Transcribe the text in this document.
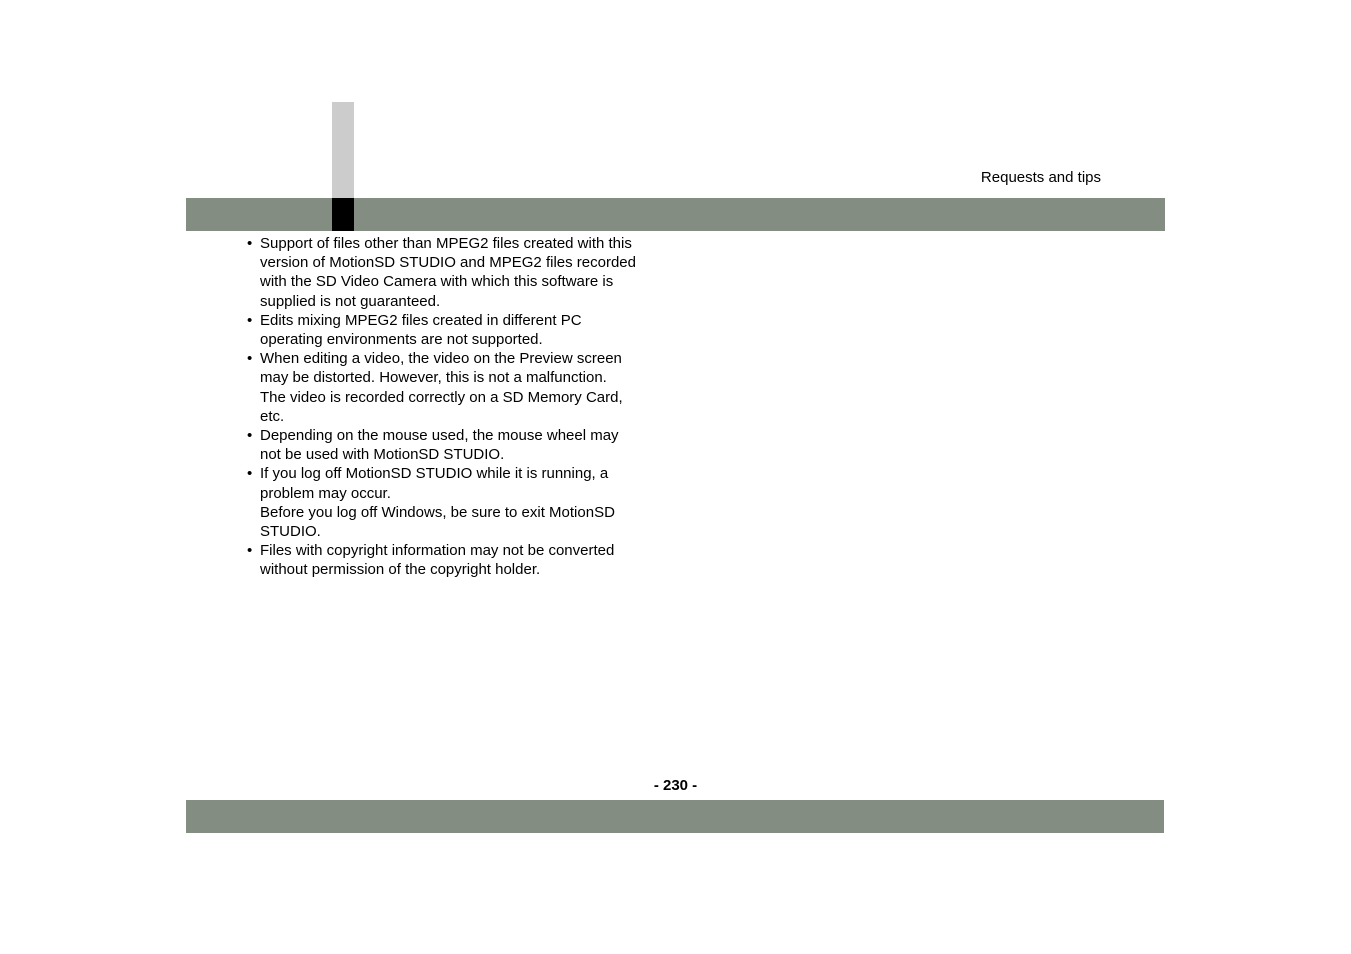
Requests and tips
• Support of files other than MPEG2 files created with this
version of MotionSD STUDIO and MPEG2 files recorded
with the SD Video Camera with which this software is
supplied is not guaranteed.
• Edits mixing MPEG2 files created in different PC
operating environments are not supported.
• When editing a video, the video on the Preview screen
may be distorted. However, this is not a malfunction.
The video is recorded correctly on a SD Memory Card,
etc.
• Depending on the mouse used, the mouse wheel may
not be used with MotionSD STUDIO.
• If you log off MotionSD STUDIO while it is running, a
problem may occur.
Before you log off Windows, be sure to exit MotionSD
STUDIO.
• Files with copyright information may not be converted
without permission of the copyright holder.
- 230 -
